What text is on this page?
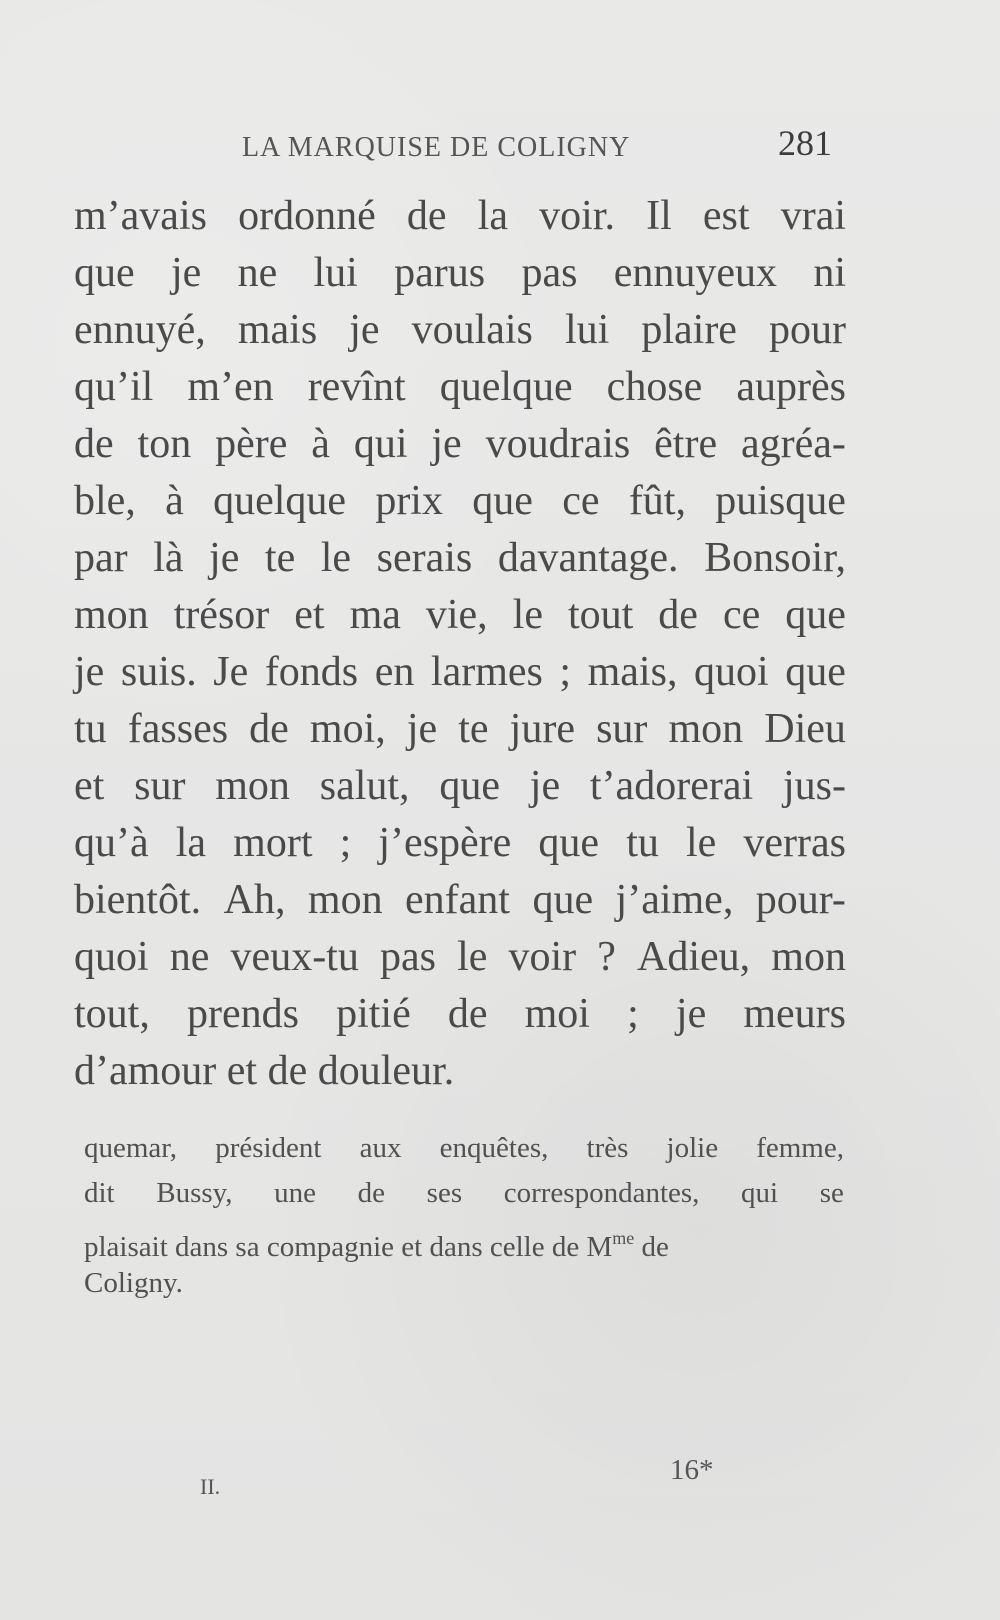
LA MARQUISE DE COLIGNY	281
m’avais ordonné de la voir. Il est vrai
que je ne lui parus pas ennuyeux ni
ennuyé, mais je voulais lui plaire pour
qu’il m’en revînt quelque chose auprès
de ton père à qui je voudrais être agréa-
ble, à quelque prix que ce fût, puisque
par là je te le serais davantage. Bonsoir,
mon trésor et ma vie, le tout de ce que
je suis. Je fonds en larmes ; mais, quoi que
tu fasses de moi, je te jure sur mon Dieu
et sur mon salut, que je t’adorerai jus-
qu’à la mort ; j’espère que tu le verras
bientôt. Ah, mon enfant que j’aime, pour-
quoi ne veux-tu pas le voir ? Adieu, mon
tout, prends pitié de moi ; je meurs
d’amour et de douleur.
quemar, président aux enquêtes, très jolie femme,
dit Bussy, une de ses correspondantes, qui se
plaisait dans sa compagnie et dans celle de $M^{me}$ de
Coligny.
II.
16*
